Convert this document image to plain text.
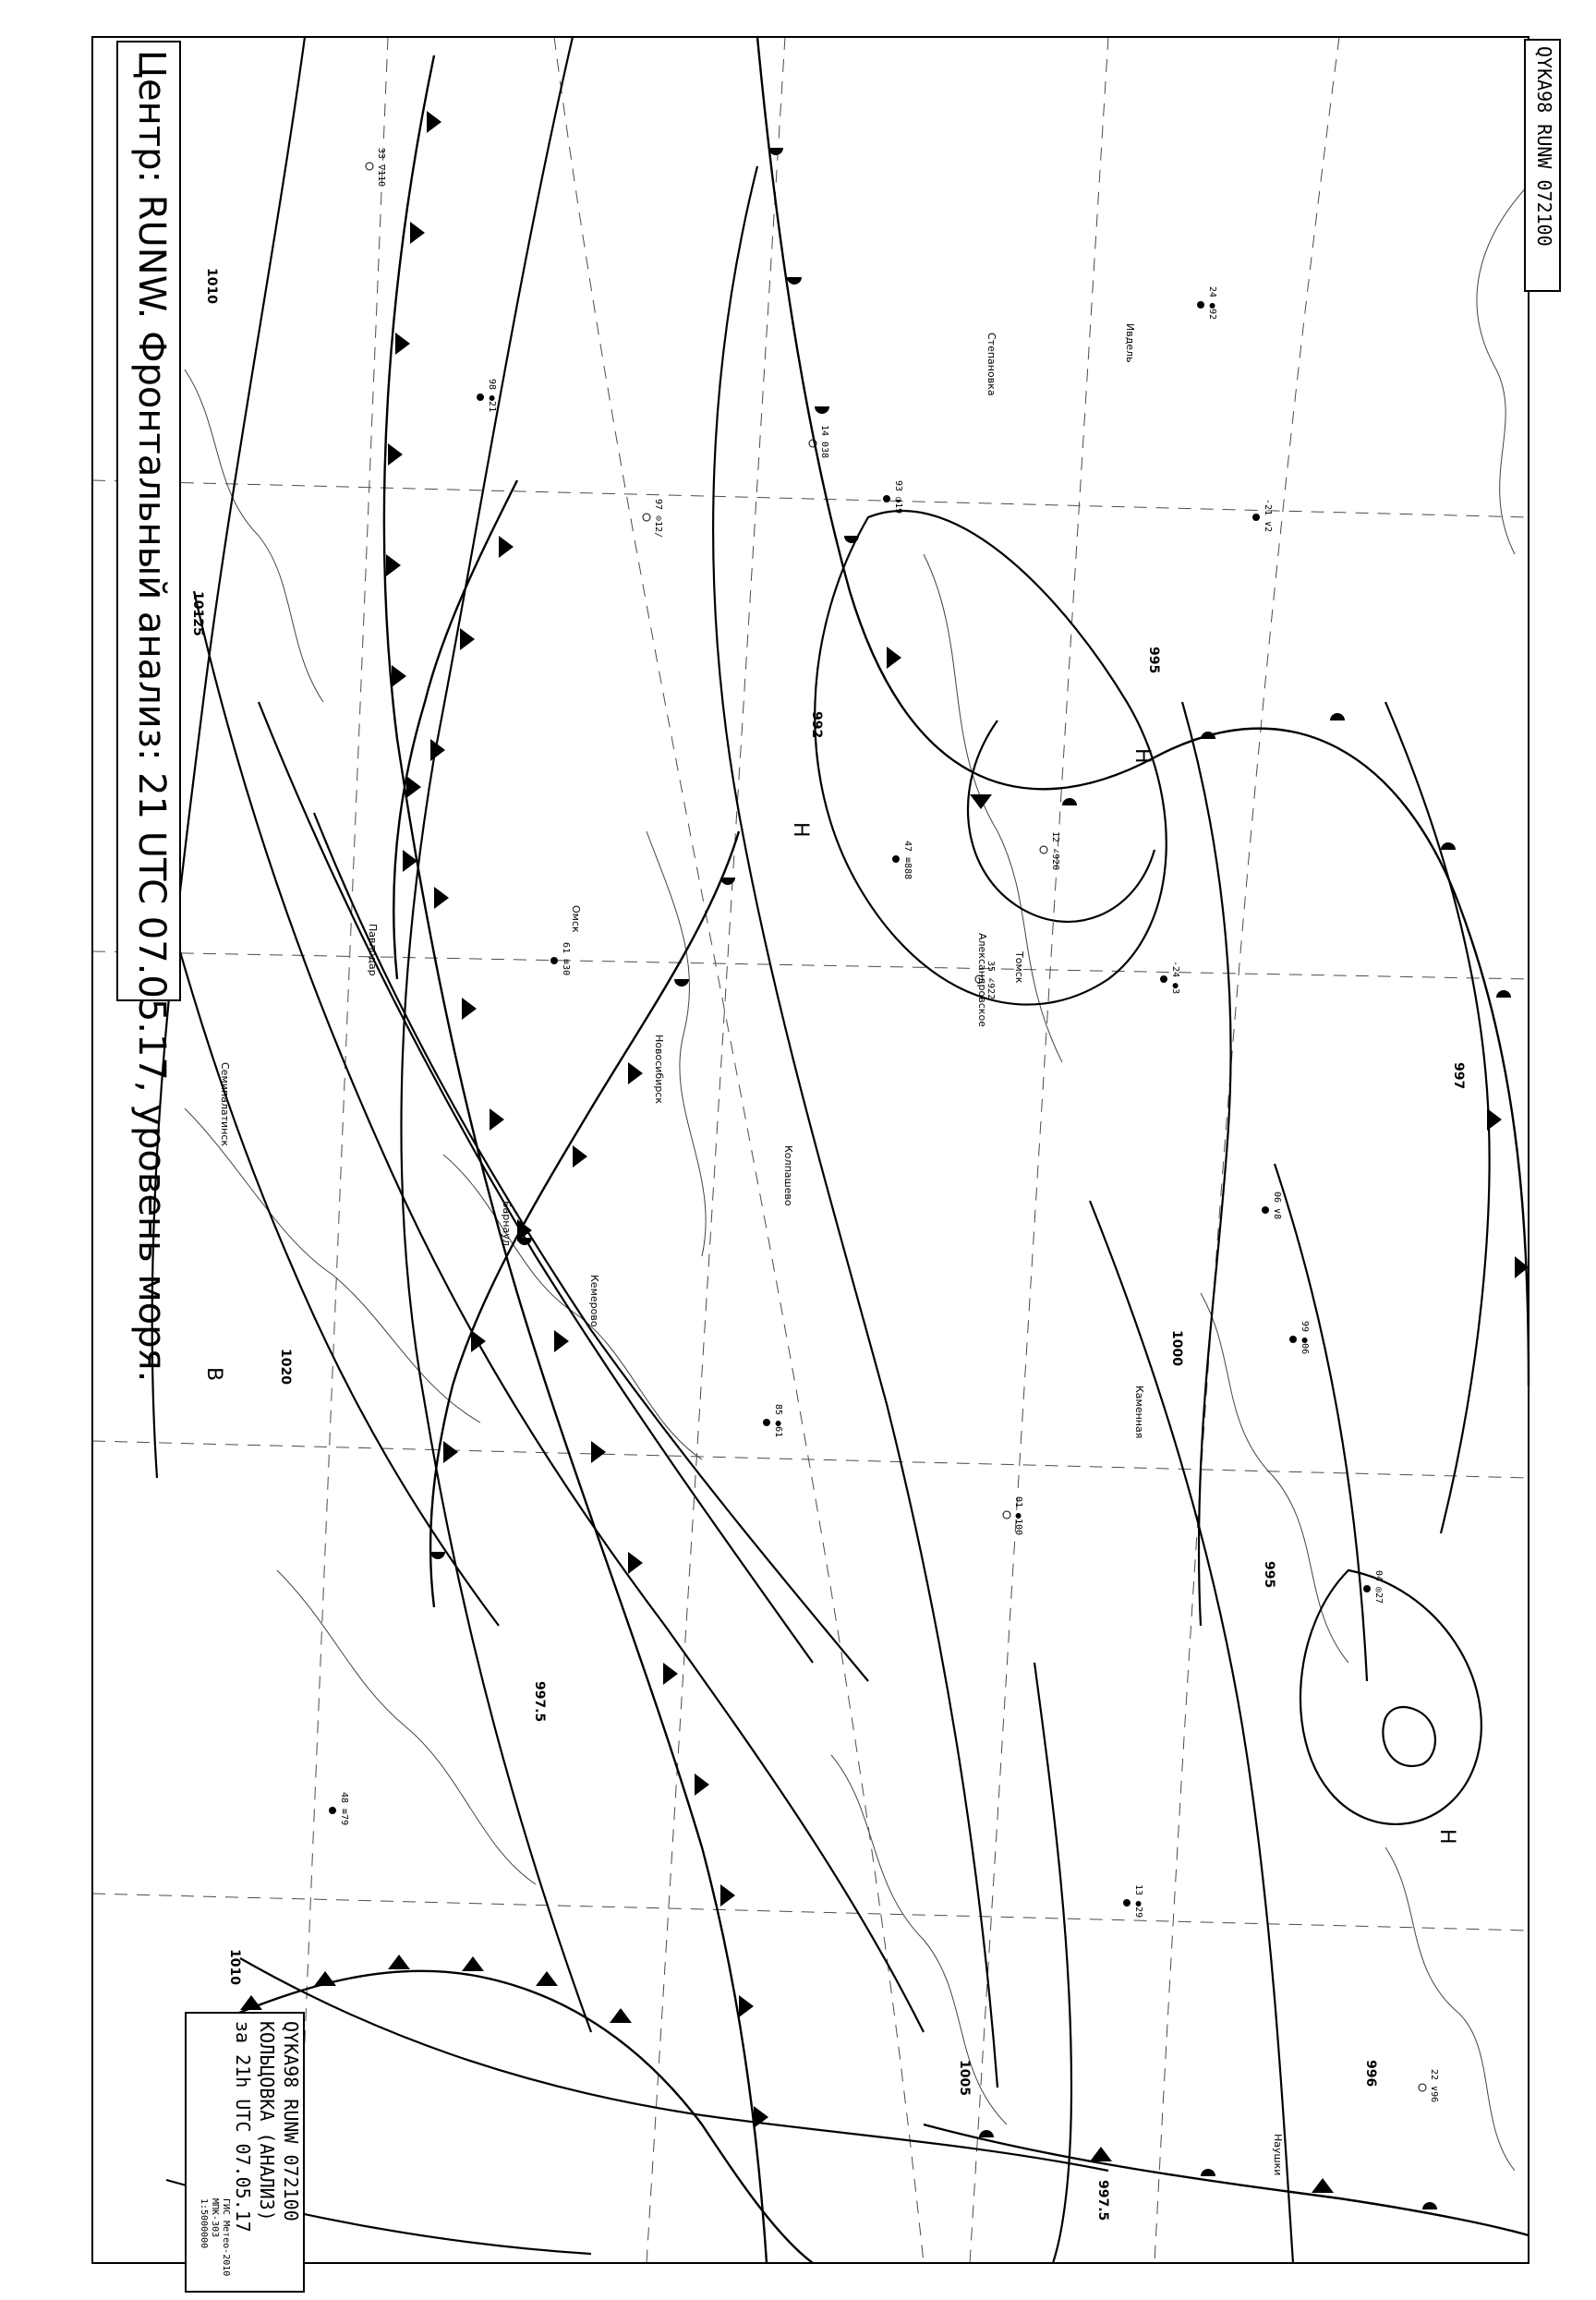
1010
10125
1020
995
992
997
1000
995
1005
1010
997.5
996
997.5
Н
Н
Н
В
Новосибирск
Барнаул
Омск
Томск
Кемерово
Павлодар
Семипалатинск
Александровское
Колпашево
Степановка
Каменная
Ивдель
Наушки
98 ●21
97 ⊙12/
24 ●92
61 ≡30
33 ∇110
93 ◑19
99 ●06
14 038
47 ≡888	12 ∠920
-24 ●3
06 ∨8
01 ●100
04 ◎27
-21 ∨2
35 ∠922
85 ●61
48 ≡79
22 ∨96
13 ●29
Центр: RUNW. Фронтальный анализ: 21 UTC 07.05.17, уровень моря.	QYKA98 RUNW 072100
QYKA98 RUNW 072100
КОЛЬЦОВКА (АНАЛИЗ)
за 21h UTC 07.05.17
ГИС Метео-2010
МПК-303
1:5000000
